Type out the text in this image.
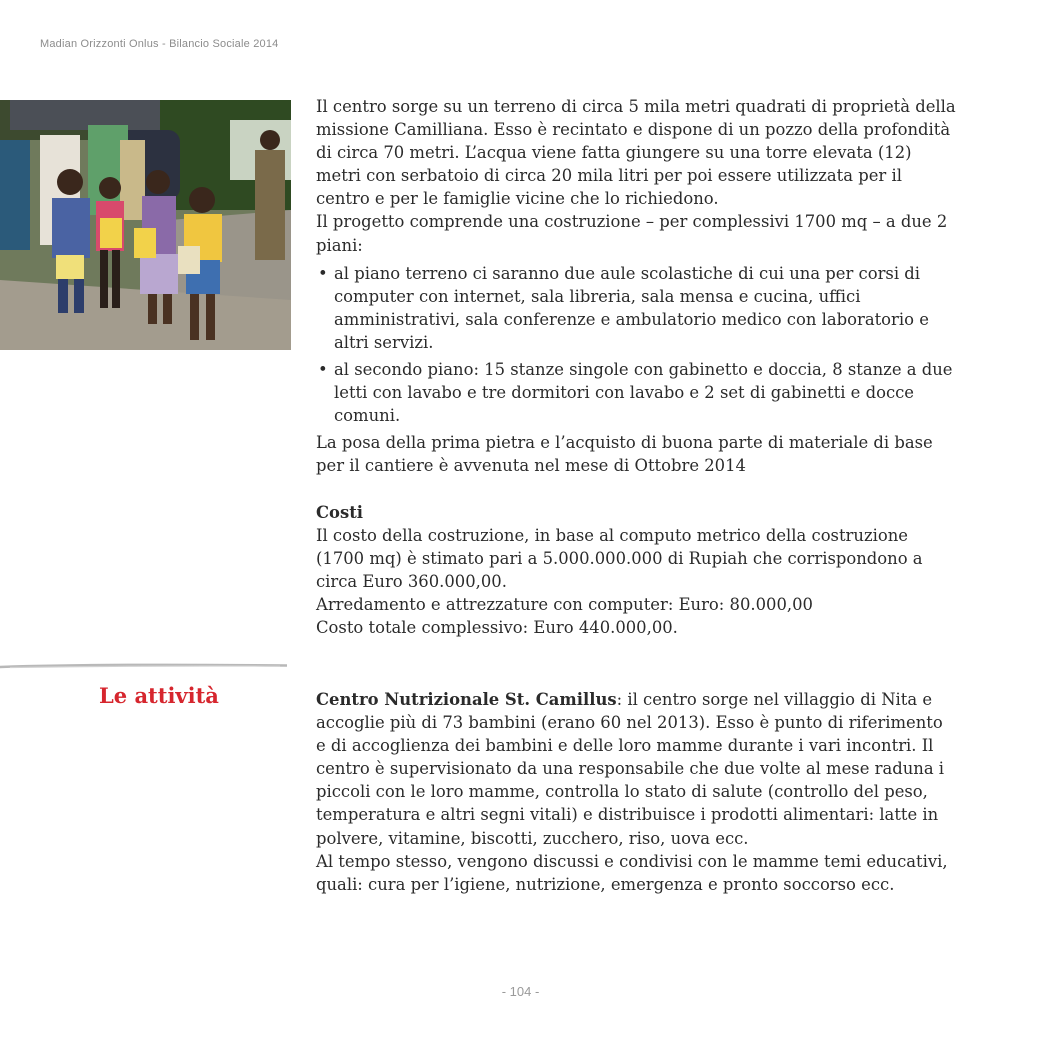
Madian Orizzonti Onlus - Bilancio Sociale 2014

Il centro sorge su un terreno di circa 5 mila metri quadrati di proprietà della missione Camilliana. Esso è recintato e dispone di un pozzo della profondità di circa 70 metri. L’acqua viene fatta giungere su una torre elevata (12) metri con serbatoio di circa 20 mila litri per poi essere utilizzata per il centro e per le famiglie vicine che lo richiedono.

Il progetto comprende una costruzione – per complessivi 1700 mq – a due 2 piani:

• al piano terreno ci saranno due aule scolastiche di cui una per corsi di computer con internet, sala libreria, sala mensa e cucina, uffici amministrativi, sala conferenze e ambulatorio medico con laboratorio e altri servizi.
• al secondo piano: 15 stanze singole con gabinetto e doccia, 8 stanze a due letti con lavabo e tre dormitori con lavabo e 2 set di gabinetti e docce comuni.

La posa della prima pietra e l’acquisto di buona parte di materiale di base per il cantiere è avvenuta nel mese di Ottobre 2014

Costi

Il costo della costruzione, in base al computo metrico della costruzione (1700 mq) è stimato pari a 5.000.000.000 di Rupiah che corrispondono a circa Euro 360.000,00.

Arredamento e attrezzature con computer: Euro: 80.000,00

Costo totale complessivo: Euro 440.000,00.

Le attività	Centro Nutrizionale St. Camillus: il centro sorge nel villaggio di Nita e accoglie più di 73 bambini (erano 60 nel 2013). Esso è punto di riferimento e di accoglienza dei bambini e delle loro mamme durante i vari incontri. Il centro è supervisionato da una responsabile che due volte al mese raduna i piccoli con le loro mamme, controlla lo stato di salute (controllo del peso, temperatura e altri segni vitali) e distribuisce i prodotti alimentari: latte in polvere, vitamine, biscotti, zucchero, riso, uova ecc.

Al tempo stesso, vengono discussi e condivisi con le mamme temi educativi, quali: cura per l’igiene, nutrizione, emergenza e pronto soccorso ecc.

- 104 -
